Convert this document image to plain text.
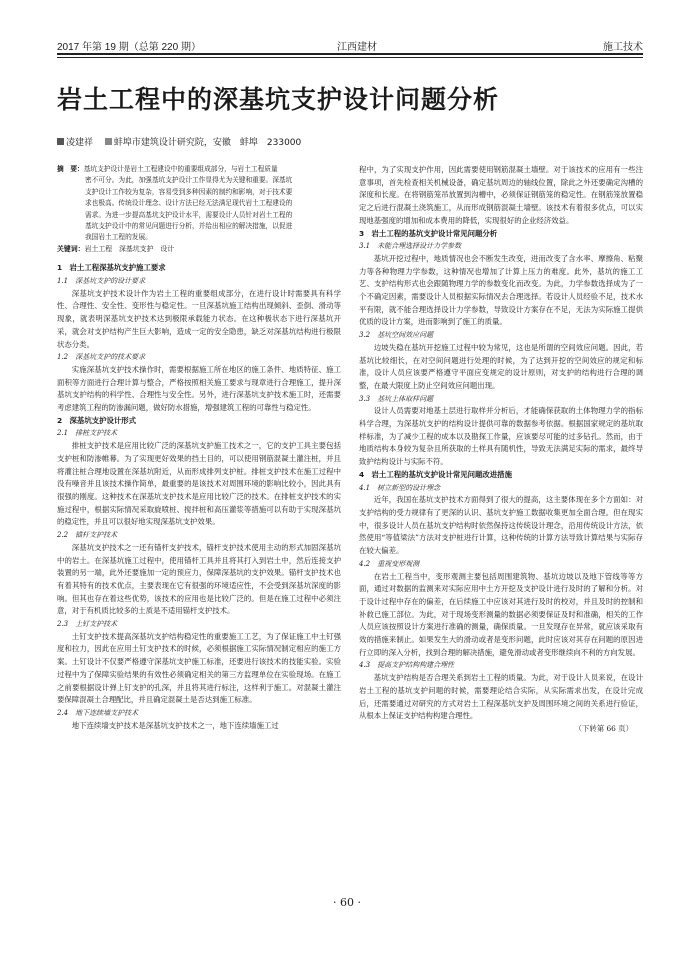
2017 年第 19 期（总第 220 期）	江西建材	施工技术
岩土工程中的深基坑支护设计问题分析
凌建祥 蚌埠市建筑设计研究院，安徽　蚌埠　233000

摘　要：基坑支护设计是岩土工程建设中的重要组成部分，与岩土工程质量

密不可分。为此，加强基坑支护设计工作显得尤为关键和重要。深基坑

支护设计工作较为复杂，容易受到多种因素的制约和影响，对于技术要

求也极高。传统设计理念、设计方法已经无法满足现代岩土工程建设的

需求。为进一步提高基坑支护设计水平，需要设计人员针对岩土工程的

基坑支护设计中的常见问题进行分析，并给出相应的解决措施，以促进

我国岩土工程的发展。

关键词：岩土工程　深基坑支护　设计

1　岩土工程深基坑支护施工要求
1.1　深基坑支护的设计要求

深基坑支护技术设计作为岩土工程的重要组成部分，在进行设计时需要具有科学性、合理性、安全性、变形性与稳定性。一旦深基坑施工结构出现倾斜、歪倒、滑动等现象，就表明深基坑支护技术达到极限承载能力状态。在这种极状态下进行深基坑开采，就会对支护结构产生巨大影响，造成一定的安全隐患，缺乏对深基坑结构进行极限状态分类。

1.2　深基坑支护的技术要求

实施深基坑支护技术操作时，需要根据施工所在地区的施工条件、地质特征、施工面积等方面进行合理计算与整合，严格按照相关施工要求与现章进行合理施工，提升深基坑支护结构的科学性、合理性与安全性。另外，进行深基坑支护技术施工时，还需要考虑建筑工程的防渗漏问题，做好防水措施，增强建筑工程的可靠性与稳定性。

2　深基坑支护设计形式
2.1　排桩支护技术

排桩支护技术是应用比较广泛的深基坑支护施工技术之一，它的支护工具主要包括支护桩和防渗帷幕。为了实现更好效果的挡土目的，可以使用钢筋混凝土灌注桩，并且将灌注桩合理地设置在深基坑附近，从而形成排列支护桩。排桩支护技术在施工过程中没有噪音并且该技术操作简单，最重要的是该技术对周围环境的影响比较小，因此具有很强的刚度。这种技术在深基坑支护技术是应用比较广泛的技术。在排桩支护技术的实施过程中，根据实际情况采取旋喷桩、搅拌桩和高压灌浆等措施可以有助于实现深基坑的稳定性，并且可以很好地实现深基坑支护效果。

2.2　锚杆支护技术

深基坑支护技术之一还有锚杆支护技术，锚杆支护技术使用主动的形式加固深基坑中的岩土。在深基坑施工过程中，使用锚杆工具并且将其打入到岩土中，然后连接支护装置的另一端，此外还要施加一定的预应力，保障深基坑的支护效果。锚杆支护技术也有着其特有的技术优点，主要表现在它有很强的环境适应性，不会受到深基坑深度的影响。但其也存在着这些优势，该技术的应用也是比较广泛的。但是在施工过程中必须注意，对于有机质比较多的土质是不适用锚杆支护技术。

2.3　土钉支护技术

土钉支护技术提高深基坑支护结构稳定性的重要施工工艺，为了保证施工中土钉强度和拉力，因此在应用土钉支护技术的时候，必须根据施工实际情况制定相应的施工方案。土钉设计不仅要严格遵守深基坑支护施工标准，还要进行该技术的技能实验。实验过程中为了保障实验结果的有效性必须确定相关的第三方监理单位在实验现场。在施工之前要根据设计弹上钉支护的孔深，并且将其进行标注，这样利于施工。对混凝土灌注要保障混凝土合理配比，并且确定混凝土是否达到施工标准。

2.4　地下连续墙支护技术

地下连续墙支护技术是深基坑支护技术之一，地下连续墙施工过

程中，为了实现支护作用，因此需要使用钢筋混凝土墙壁。对于该技术的应用有一些注意事项，首先检查相关机械设备，确定基坑周边的轴线位置，除此之外还要确定沟槽的深度和长度。在将钢筋笼吊放置到沟槽中，必须保证钢筋笼的稳定性。在钢筋笼放置稳定之后进行混凝土浇筑施工，从而形成钢筋混凝土墙壁。该技术有着很多优点，可以实现地基强度的增加和成本费用的降低，实现很好的企业经济效益。

3　岩土工程的基坑支护设计常见问题分析
3.1　未能合理选择设计力学参数

基坑开挖过程中，地质情况也会不断发生改变，进而改变了含水率、摩擦角、粘聚力等各种物理力学参数，这种情况也增加了计算上压力的难度。此外，基坑的施工工艺、支护结构形式也会跟随物理力学的参数变化而改变。为此，力学参数选择成为了一个不确定因素，需要设计人员根据实际情况去合理选择。若设计人员经验不足，技术水平有限，就不能合理选择设计力学参数，导致设计方案存在不足，无法为实际施工提供优质的设计方案，进而影响到了施工的质量。

3.2　基坑空间效应问题

边坡失稳在基坑开挖施工过程中较为常见，这也是所谓的空间效应问题。因此，若基坑比较细长，在对空间问题进行处理的时候，为了达到开挖的空间效应的规定和标准，设计人员应该要严格遵守平面应变规定的设计原则，对支护的结构进行合理的调整，在最大限度上防止空间效应问题出现。

3.3　基坑土体取样问题

设计人员需要对地基土层进行取样并分析后，才能确保获取的土体物理力学的指标科学合理，为深基坑支护的结构设计提供可靠的数据参考依据。根据国家规定的基坑取样标准，为了减少工程的成本以及勘探工作量，应该要尽可能的过多钻孔。然而，由于地质结构本身较为复杂且所获取的土样具有随机性，导致无法满足实际的需求，最终导致护结构设计与实际不符。

4　岩土工程的基坑支护设计常见问题改进措施
4.1　树立新型的设计理念

近年，我国在基坑支护技术方面得到了很大的提高，这主要体现在多个方面如：对支护结构的受力规律有了更深的认识、基坑支护施工数据收集更加全面合理。但在现实中，很多设计人员在基坑支护结构时依然保持这传统设计理念，沿用传统设计方法，依然使用“等值梁法”方法对支护桩进行计算，这种传统的计算方法导致计算结果与实际存在较大偏差。

4.2　重视变形观测

在岩土工程当中，变形观测主要包括周围建筑物、基坑边坡以及地下管线等等方面，通过对数据的监测来对实际应用中土方开挖及支护设计进行及时的了解和分析。对于设计过程中存在的偏差，在后续施工中应该对其进行及时的校对，并且及时的控制和补救已施工部位。为此，对于现场变形测量的数据必须要保证及时和准确，相关的工作人员应该按照设计方案进行准确的测量，确保质量。一旦发现存在异常，就应该采取有效的措施来制止。如果发生大的滑动或者是变形问题，此时应该对其存在问题的原因进行立即的深入分析，找到合理的解决措施，避免滑动或者变形继续向不利的方向发展。

4.3　提高支护结构构建合理性

基坑支护结构是否合理关系到岩土工程的质量。为此，对于设计人员来说，在设计岩土工程的基坑支护问题的时候，需要理论结合实际，从实际需求出发，在设计完成后，还需要通过对研究的方式对岩土工程深基坑支护及周围环境之间的关系进行验证，从根本上保证支护结构构建合理性。

（下转第 66 页）

· 60 ·
